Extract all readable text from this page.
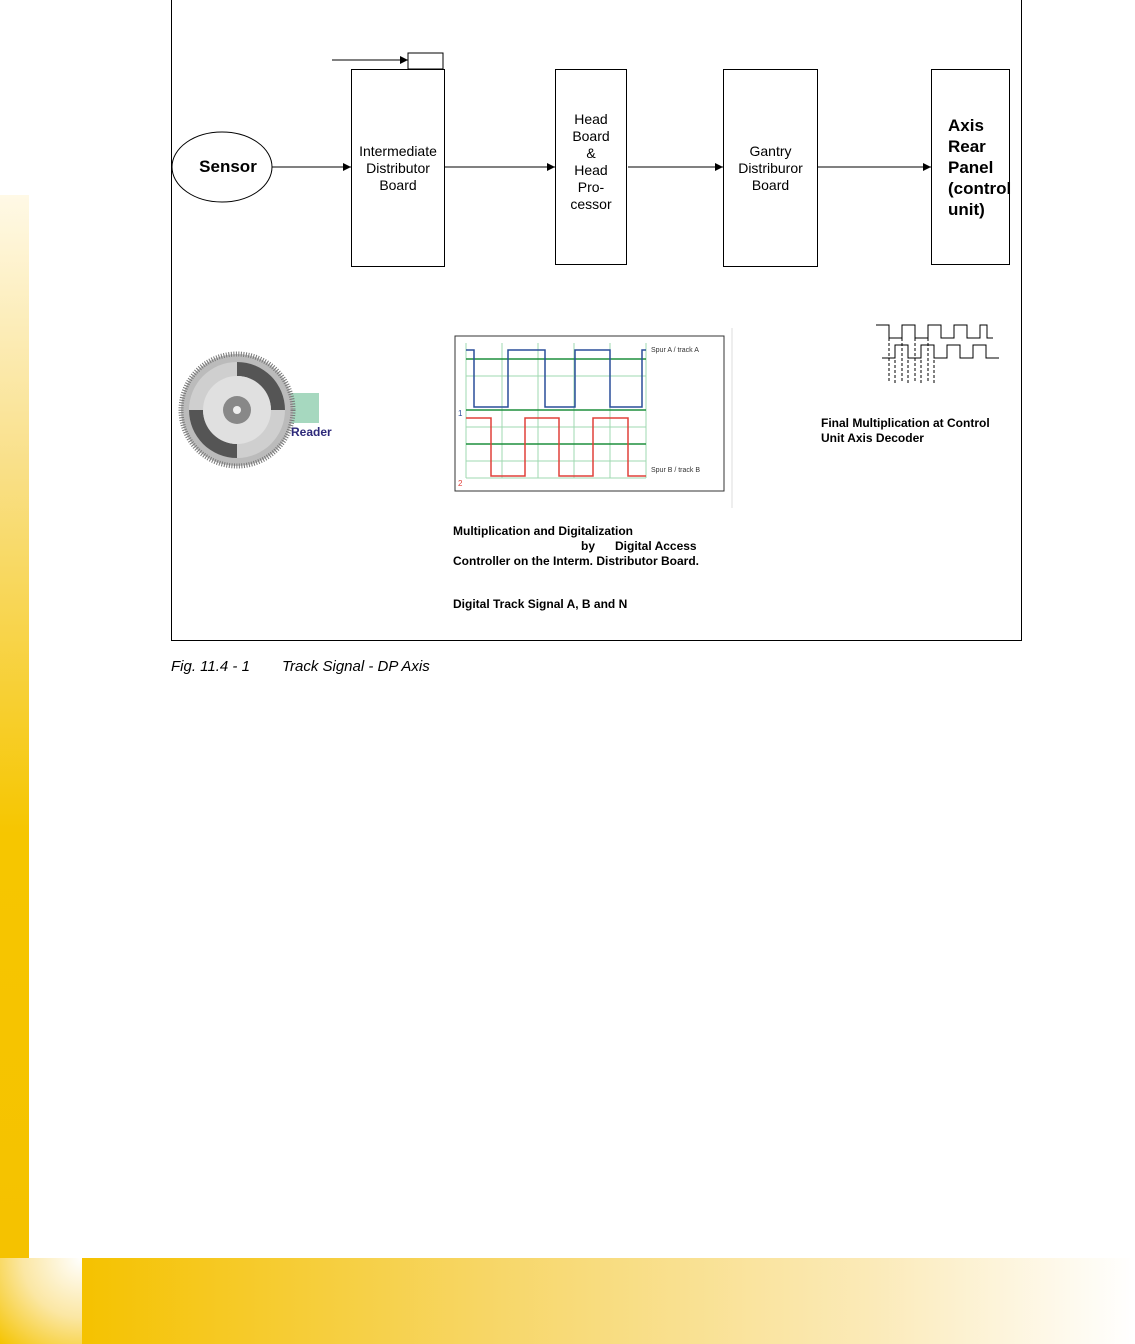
Spur A / track A
Spur B / track B
1
2
Sensor
Intermediate
Distributor
Board
Head
Board
&
Head
Pro-
cessor
Gantry
Distriburor
Board
Axis
Rear
Panel
(control
unit)
Reader
Final Multiplication at Control
Unit Axis Decoder
Multiplication and Digitalization
by      Digital Access
Controller on the Interm. Distributor Board.
Digital Track Signal A, B and N
Fig. 11.4 - 1 Track Signal - DP Axis
